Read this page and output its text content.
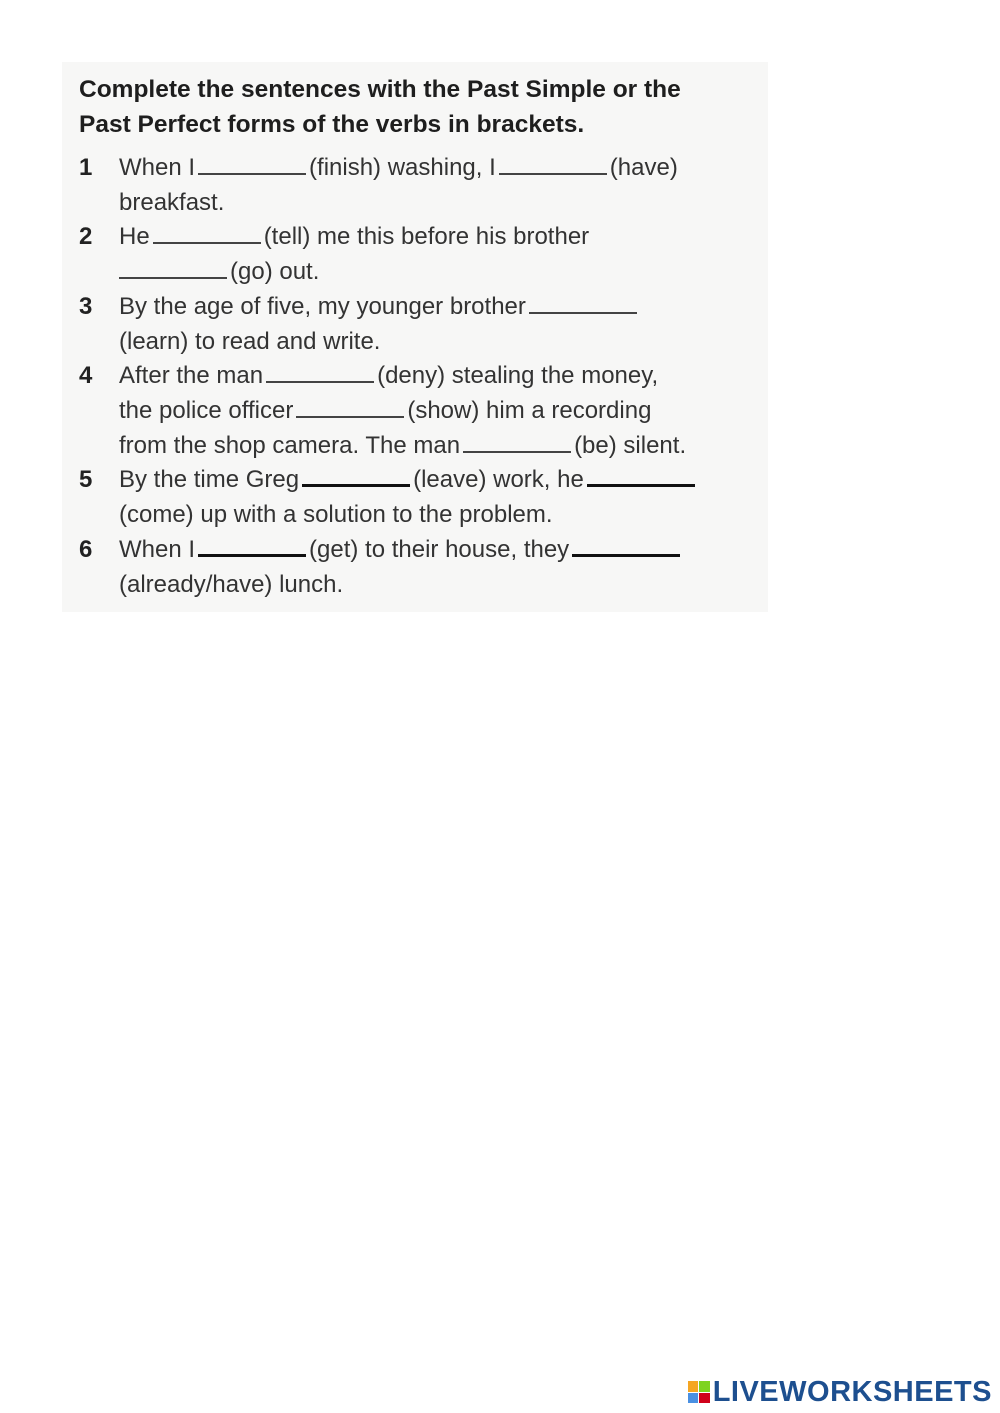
Complete the sentences with the Past Simple or the
Past Perfect forms of the verbs in brackets.
1	When I	(finish) washing, I	(have)
breakfast.
2	He	(tell) me this before his brother
(go) out.
3	By the age of five, my younger brother
(learn) to read and write.
4	After the man	(deny) stealing the money,
the police officer	(show) him a recording
from the shop camera. The man	(be) silent.
5	By the time Greg	(leave) work, he
(come) up with a solution to the problem.
6	When I	(get) to their house, they
(already/have) lunch.
LIVEWORKSHEETS
